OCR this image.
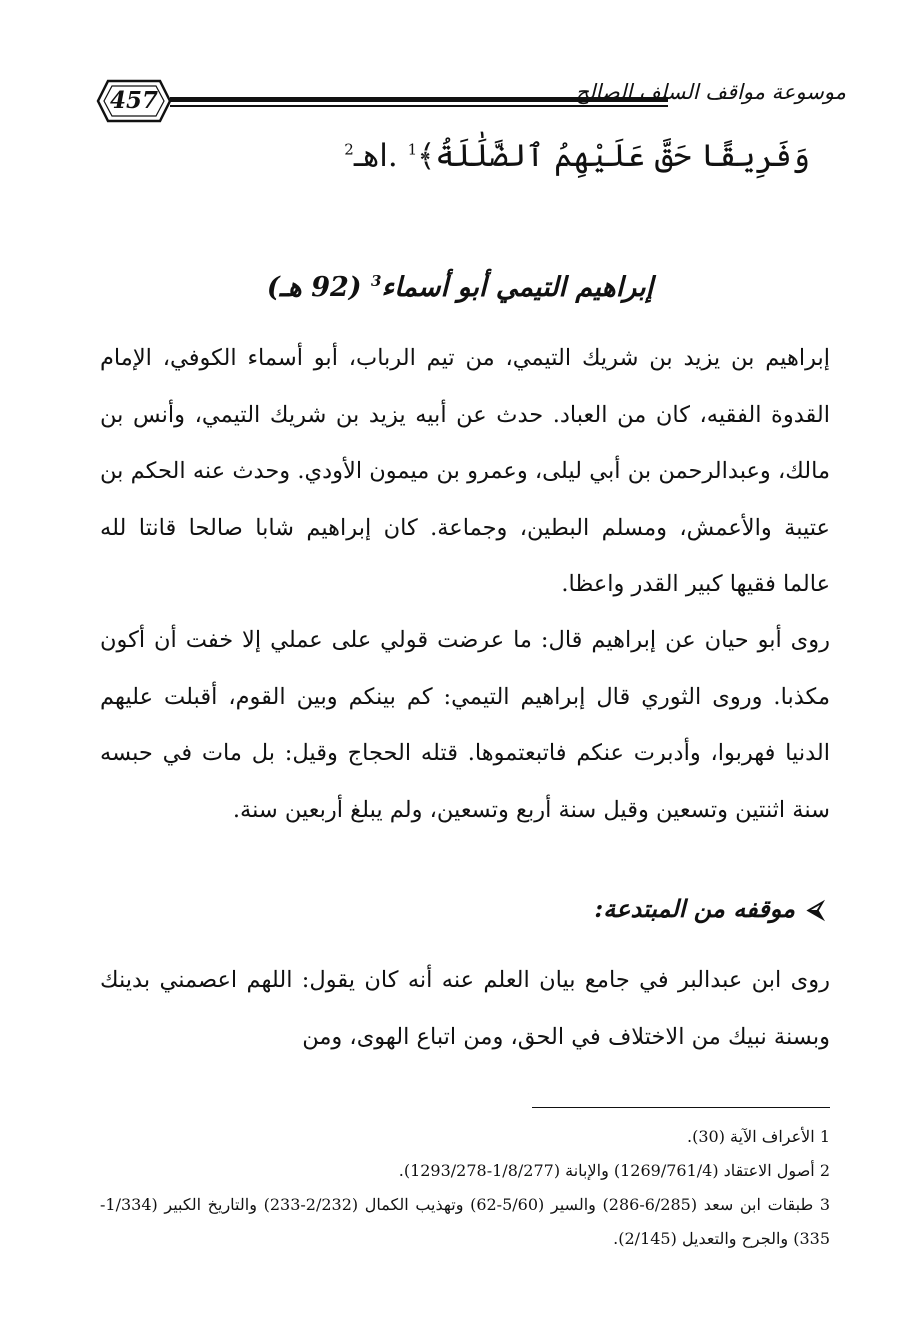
457	موسوعة مواقف السلف الصالح
وَفَرِيقًا حَقَّ عَلَيْهِمُ ٱلضَّلَٰلَةُ﴾$^1$ .اهـ$^2$
إبراهيم التيمي أبو أسماء$^3$ (92 هـ)

إبراهيم بن يزيد بن شريك التيمي، من تيم الرباب، أبو أسماء الكوفي، الإمام القدوة الفقيه، كان من العباد. حدث عن أبيه يزيد بن شريك التيمي، وأنس بن مالك، وعبدالرحمن بن أبي ليلى، وعمرو بن ميمون الأودي. وحدث عنه الحكم بن عتيبة والأعمش، ومسلم البطين، وجماعة. كان إبراهيم شابا صالحا قانتا لله عالما فقيها كبير القدر واعظا.

روى أبو حيان عن إبراهيم قال: ما عرضت قولي على عملي إلا خفت أن أكون مكذبا. وروى الثوري قال إبراهيم التيمي: كم بينكم وبين القوم، أقبلت عليهم الدنيا فهربوا، وأدبرت عنكم فاتبعتموها. قتله الحجاج وقيل: بل مات في حبسه سنة اثنتين وتسعين وقيل سنة أربع وتسعين، ولم يبلغ أربعين سنة.

⮘موقفه من المبتدعة:

روى ابن عبدالبر في جامع بيان العلم عنه أنه كان يقول: اللهم اعصمني بدينك وبسنة نبيك من الاختلاف في الحق، ومن اتباع الهوى، ومن

1 الأعراف الآية (30).

2 أصول الاعتقاد (1269/761/4) والإبانة (1/8/277-1293/278).

3 طبقات ابن سعد (6/285-286) والسير (5/60-62) وتهذيب الكمال (2/232-233) والتاريخ الكبير (1/334-335) والجرح والتعديل (2/145).
